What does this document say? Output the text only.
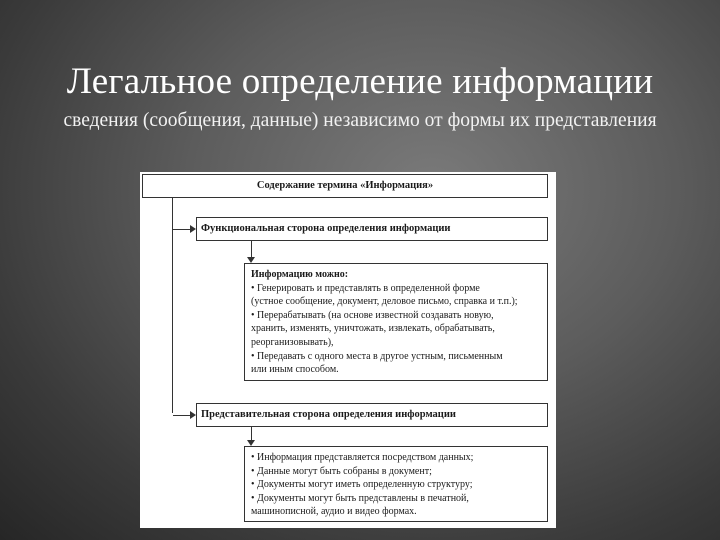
Легальное определение информации
сведения (сообщения, данные) независимо от формы их представления
Содержание термина «Информация»
Функциональная сторона определения информации
Информацию можно:
• Генерировать и представлять в определенной форме
(устное сообщение, документ, деловое письмо, справка и т.п.);
• Перерабатывать (на основе известной создавать новую,
хранить, изменять, уничтожать, извлекать, обрабатывать,
реорганизовывать),
• Передавать с одного места в другое устным, письменным
или иным способом.
Представительная сторона определения информации
• Информация представляется посредством данных;
• Данные могут быть собраны в документ;
• Документы могут иметь определенную структуру;
• Документы могут быть представлены в печатной,
машинописной, аудио и видео формах.
